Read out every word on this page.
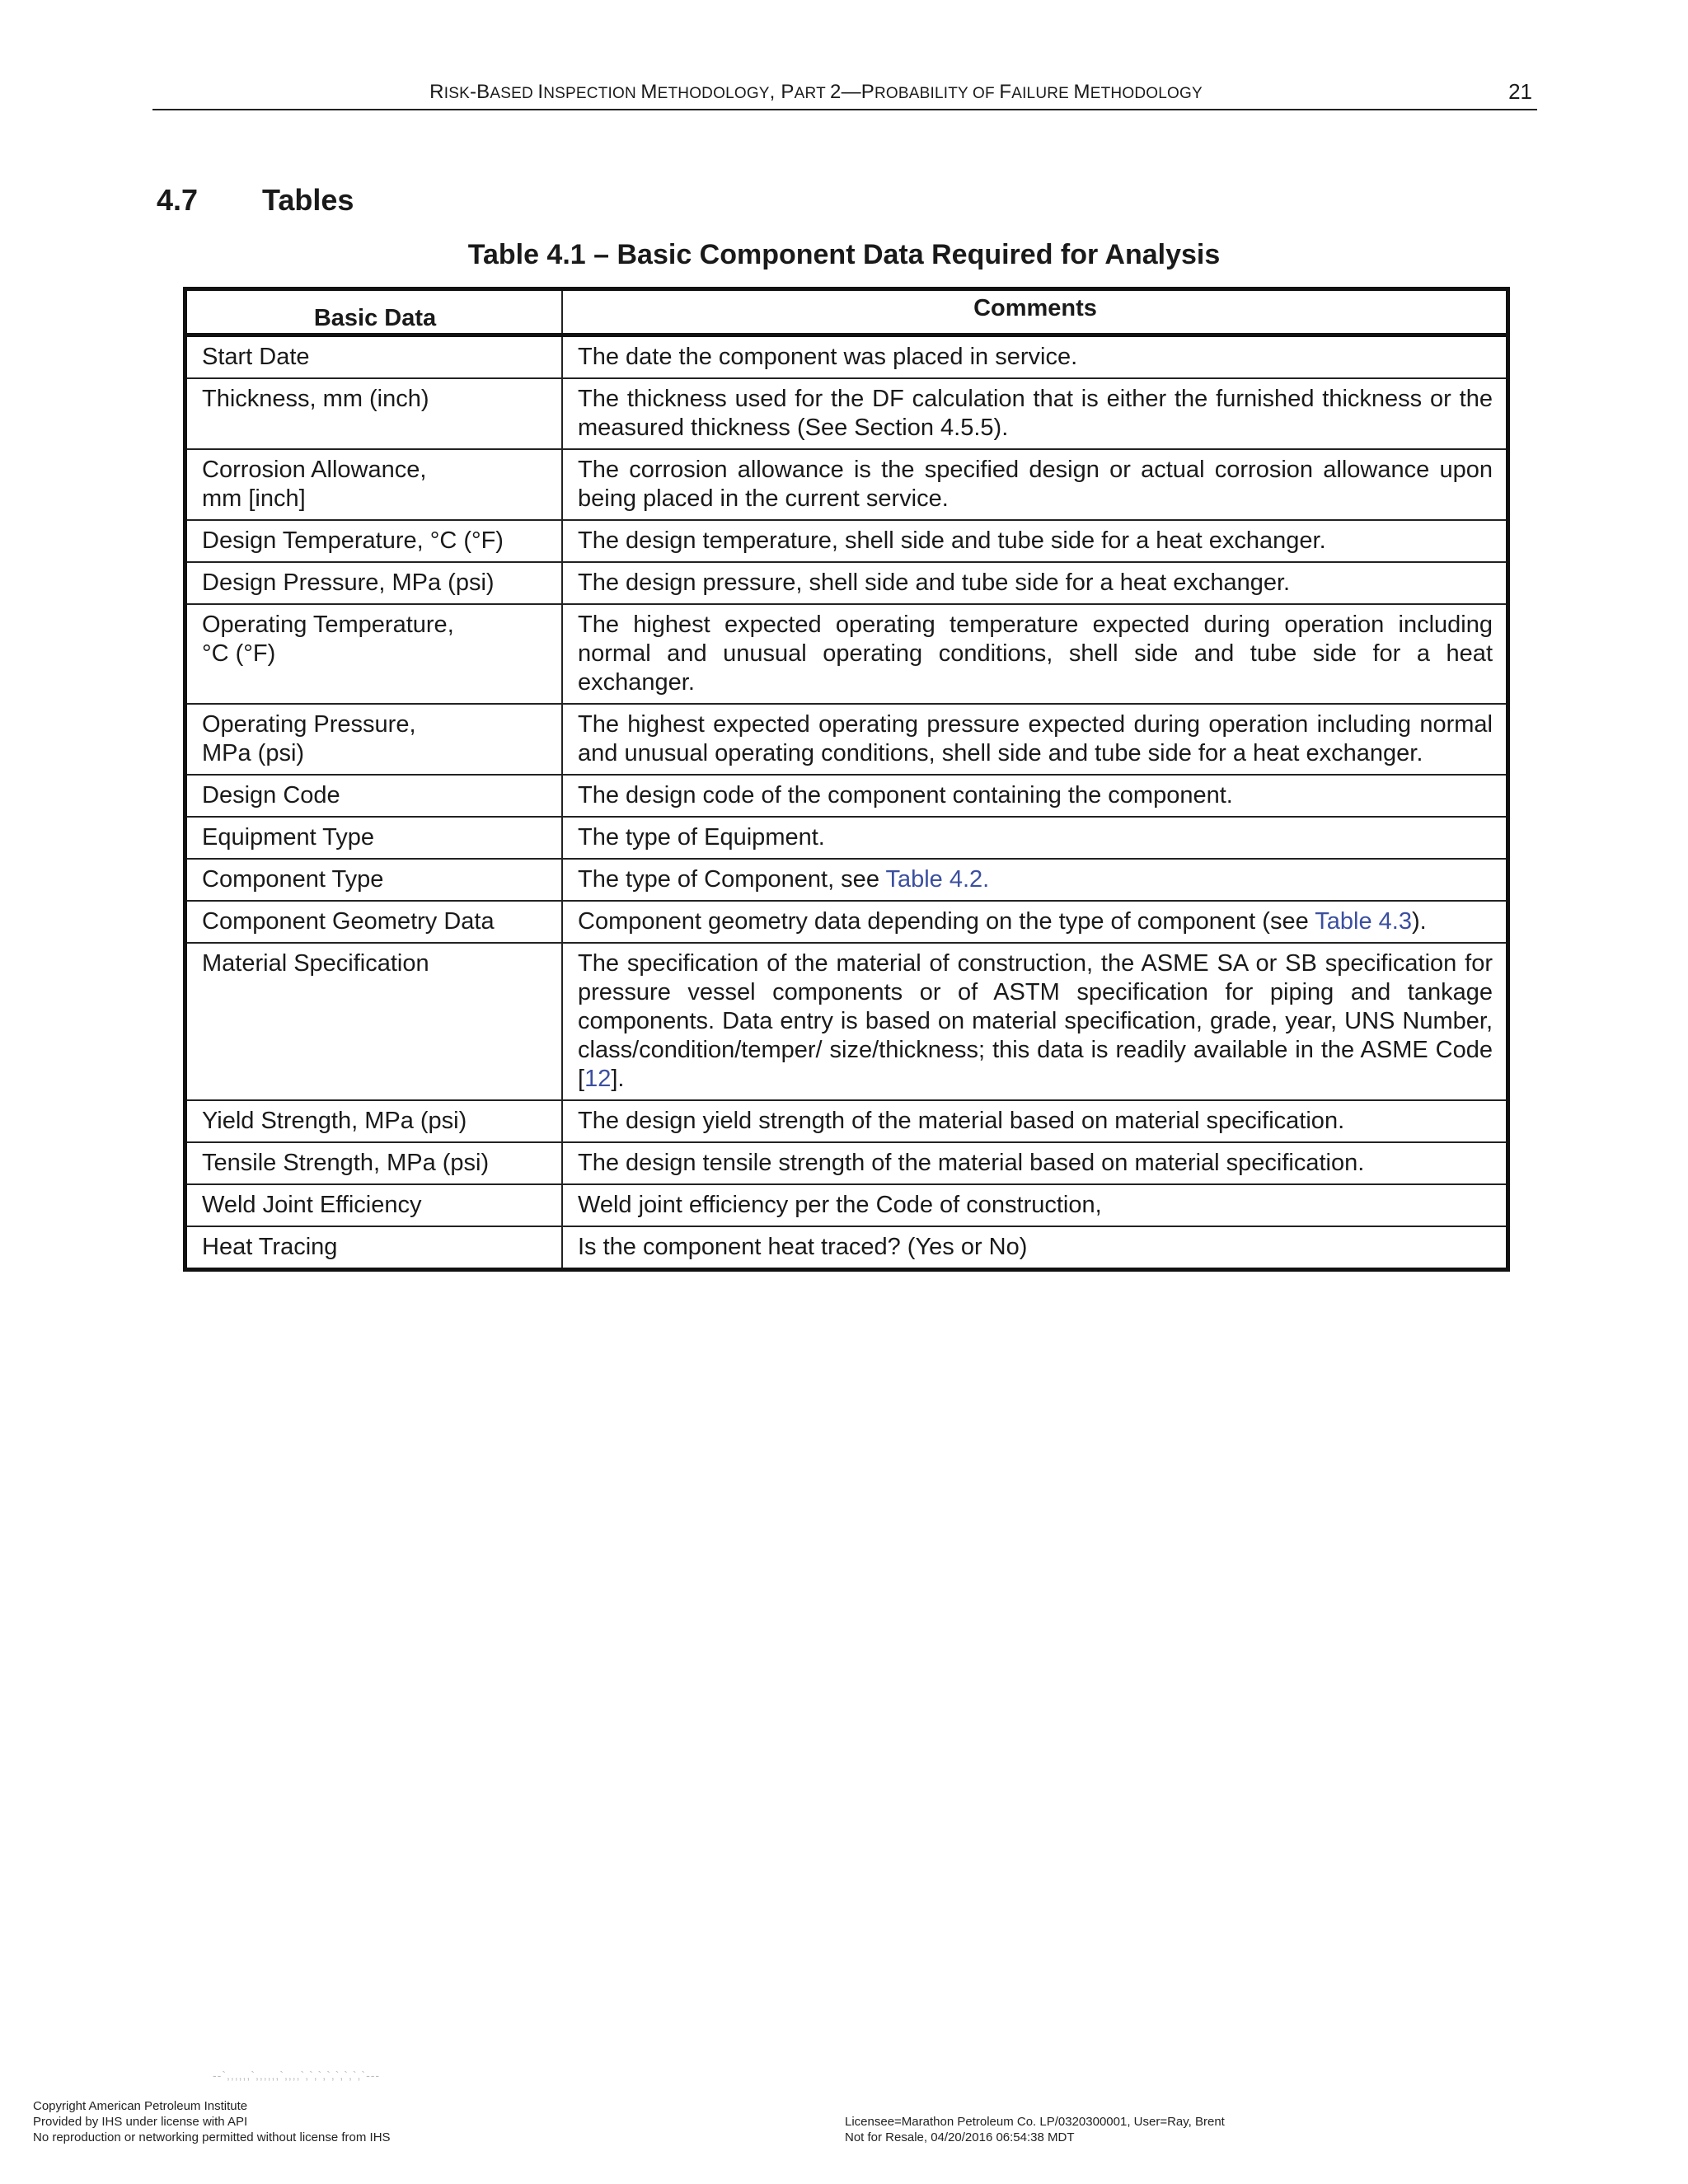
RISK-BASED INSPECTION METHODOLOGY, PART 2—PROBABILITY OF FAILURE METHODOLOGY	21
4.7 Tables
Table 4.1 – Basic Component Data Required for Analysis
Basic Data	Comments

Start Date	The date the component was placed in service.

Thickness, mm (inch)	The thickness used for the DF calculation that is either the furnished thickness or the measured thickness (See Section 4.5.5).

Corrosion Allowance,
mm [inch]	The corrosion allowance is the specified design or actual corrosion allowance upon being placed in the current service.

Design Temperature, °C (°F)	The design temperature, shell side and tube side for a heat exchanger.

Design Pressure, MPa (psi)	The design pressure, shell side and tube side for a heat exchanger.

Operating Temperature,
°C (°F)	The highest expected operating temperature expected during operation including normal and unusual operating conditions, shell side and tube side for a heat exchanger.

Operating Pressure,
MPa (psi)	The highest expected operating pressure expected during operation including normal and unusual operating conditions, shell side and tube side for a heat exchanger.

Design Code	The design code of the component containing the component.

Equipment Type	The type of Equipment.

Component Type	The type of Component, see Table 4.2.

Component Geometry Data	Component geometry data depending on the type of component (see Table 4.3).

Material Specification	The specification of the material of construction, the ASME SA or SB specification for pressure vessel components or of ASTM specification for piping and tankage components. Data entry is based on material specification, grade, year, UNS Number, class/condition/temper/ size/thickness; this data is readily available in the ASME Code [12].

Yield Strength, MPa (psi)	The design yield strength of the material based on material specification.

Tensile Strength, MPa (psi)	The design tensile strength of the material based on material specification.

Weld Joint Efficiency	Weld joint efficiency per the Code of construction,

Heat Tracing	Is the component heat traced? (Yes or No)
--`,,,,,,`,,,,,,`,,,,`,`,`,`,`,`,`,`---
Copyright American Petroleum Institute
Provided by IHS under license with API
No reproduction or networking permitted without license from IHS
Licensee=Marathon Petroleum Co. LP/0320300001, User=Ray, Brent
Not for Resale, 04/20/2016 06:54:38 MDT
